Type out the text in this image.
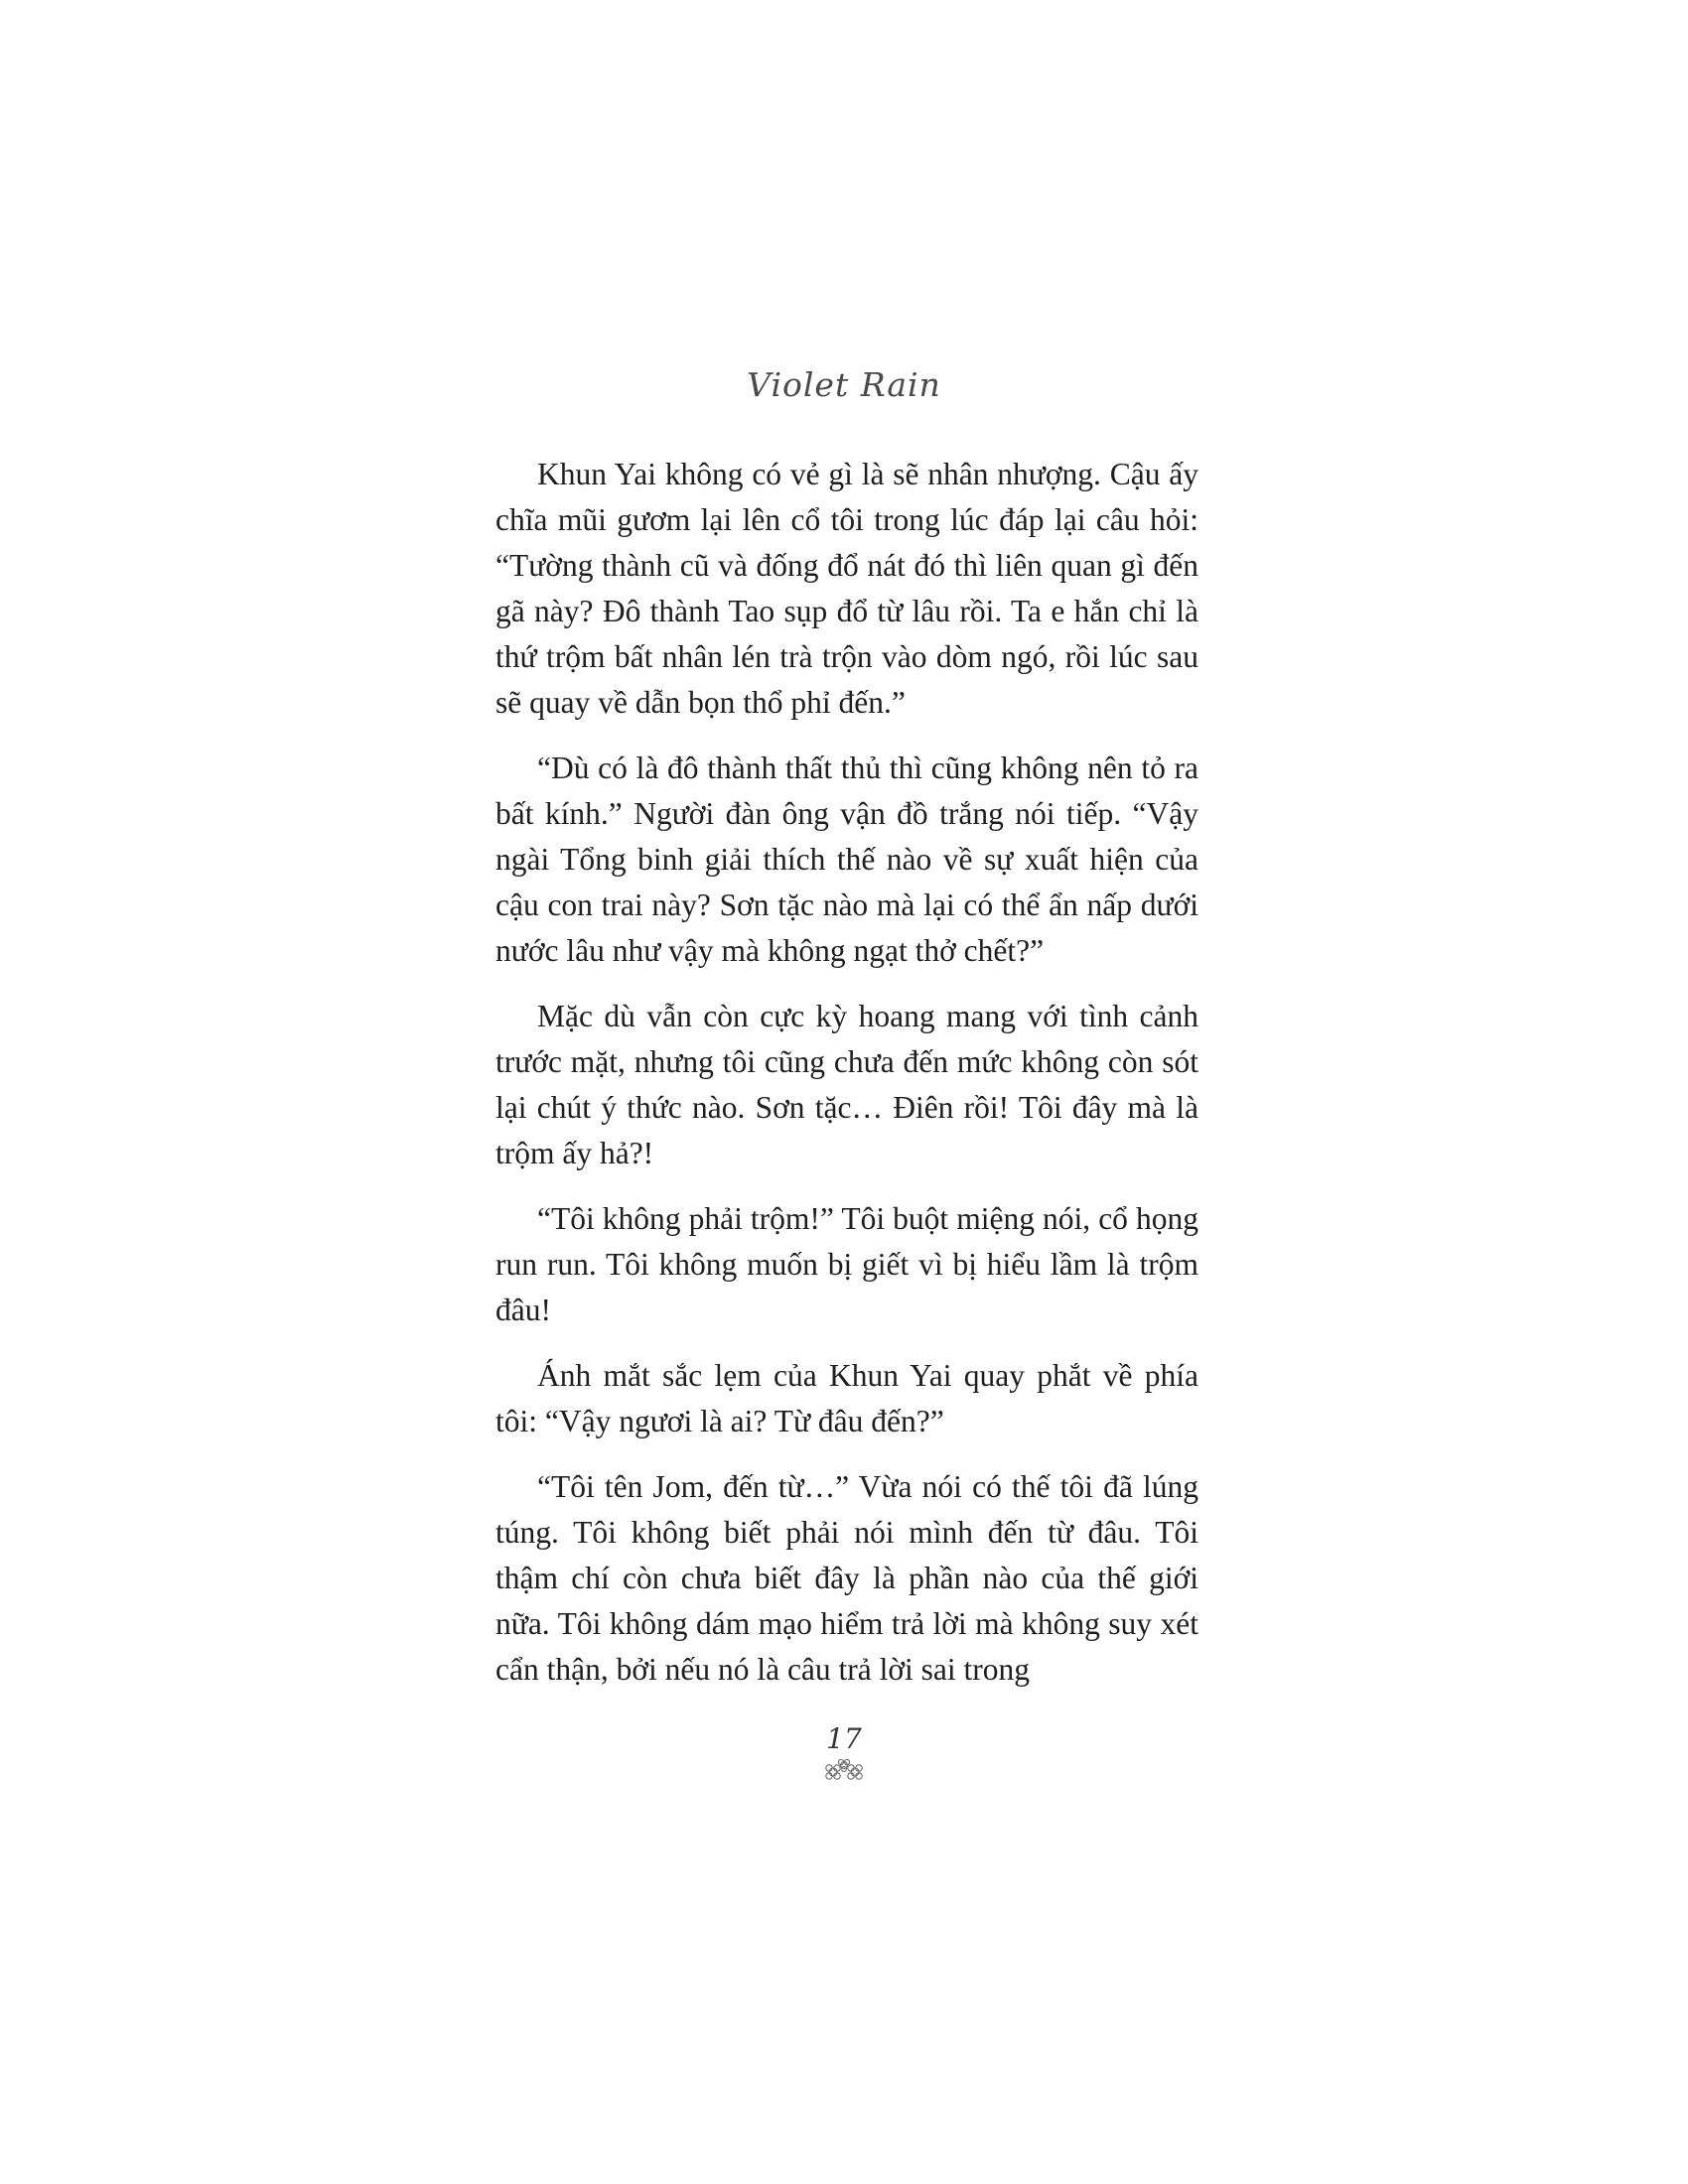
Violet Rain

Khun Yai không có vẻ gì là sẽ nhân nhượng. Cậu ấy chĩa mũi gươm lại lên cổ tôi trong lúc đáp lại câu hỏi: “Tường thành cũ và đống đổ nát đó thì liên quan gì đến gã này? Đô thành Tao sụp đổ từ lâu rồi. Ta e hắn chỉ là thứ trộm bất nhân lén trà trộn vào dòm ngó, rồi lúc sau sẽ quay về dẫn bọn thổ phỉ đến.”

“Dù có là đô thành thất thủ thì cũng không nên tỏ ra bất kính.” Người đàn ông vận đồ trắng nói tiếp. “Vậy ngài Tổng binh giải thích thế nào về sự xuất hiện của cậu con trai này? Sơn tặc nào mà lại có thể ẩn nấp dưới nước lâu như vậy mà không ngạt thở chết?”

Mặc dù vẫn còn cực kỳ hoang mang với tình cảnh trước mặt, nhưng tôi cũng chưa đến mức không còn sót lại chút ý thức nào. Sơn tặc… Điên rồi! Tôi đây mà là trộm ấy hả?!

“Tôi không phải trộm!” Tôi buột miệng nói, cổ họng run run. Tôi không muốn bị giết vì bị hiểu lầm là trộm đâu!

Ánh mắt sắc lẹm của Khun Yai quay phắt về phía tôi: “Vậy ngươi là ai? Từ đâu đến?”

“Tôi tên Jom, đến từ…” Vừa nói có thế tôi đã lúng túng. Tôi không biết phải nói mình đến từ đâu. Tôi thậm chí còn chưa biết đây là phần nào của thế giới nữa. Tôi không dám mạo hiểm trả lời mà không suy xét cẩn thận, bởi nếu nó là câu trả lời sai trong

17
